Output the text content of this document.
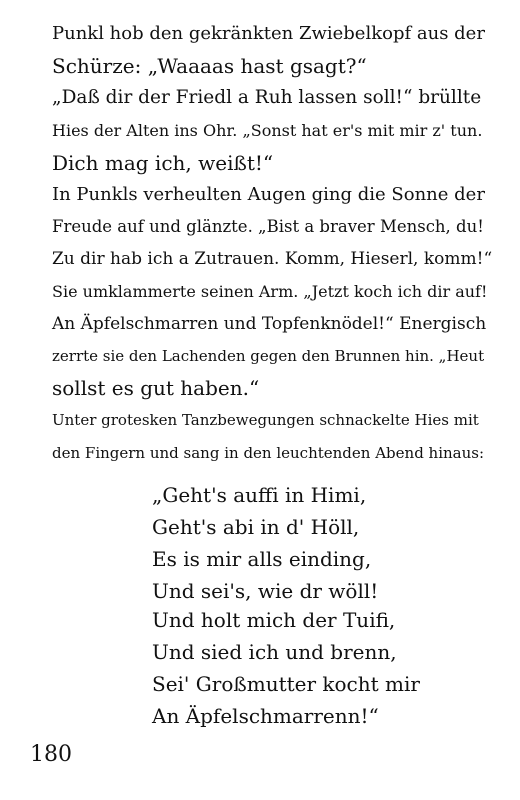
Punkl hob den gekränkten Zwiebelkopf aus der
Schürze: „Waaaas hast gsagt?“

„Daß dir der Friedl a Ruh lassen soll!“ brüllte
Hies der Alten ins Ohr. „Sonst hat er's mit mir z' tun.
Dich mag ich, weißt!“

In Punkls verheulten Augen ging die Sonne der
Freude auf und glänzte. „Bist a braver Mensch, du!
Zu dir hab ich a Zutrauen. Komm, Hieserl, komm!“
Sie umklammerte seinen Arm. „Jetzt koch ich dir auf!
An Äpfelschmarren und Topfenknödel!“ Energisch
zerrte sie den Lachenden gegen den Brunnen hin. „Heut
sollst es gut haben.“

Unter grotesken Tanzbewegungen schnackelte Hies mit
den Fingern und sang in den leuchtenden Abend hinaus:

„Geht's auffi in Himi,
Geht's abi in d' Höll,
Es is mir alls einding,
Und sei's, wie dr wöll!
Und holt mich der Tuifi,
Und sied ich und brenn,
Sei' Großmutter kocht mir
An Äpfelschmarrenn!“
180
